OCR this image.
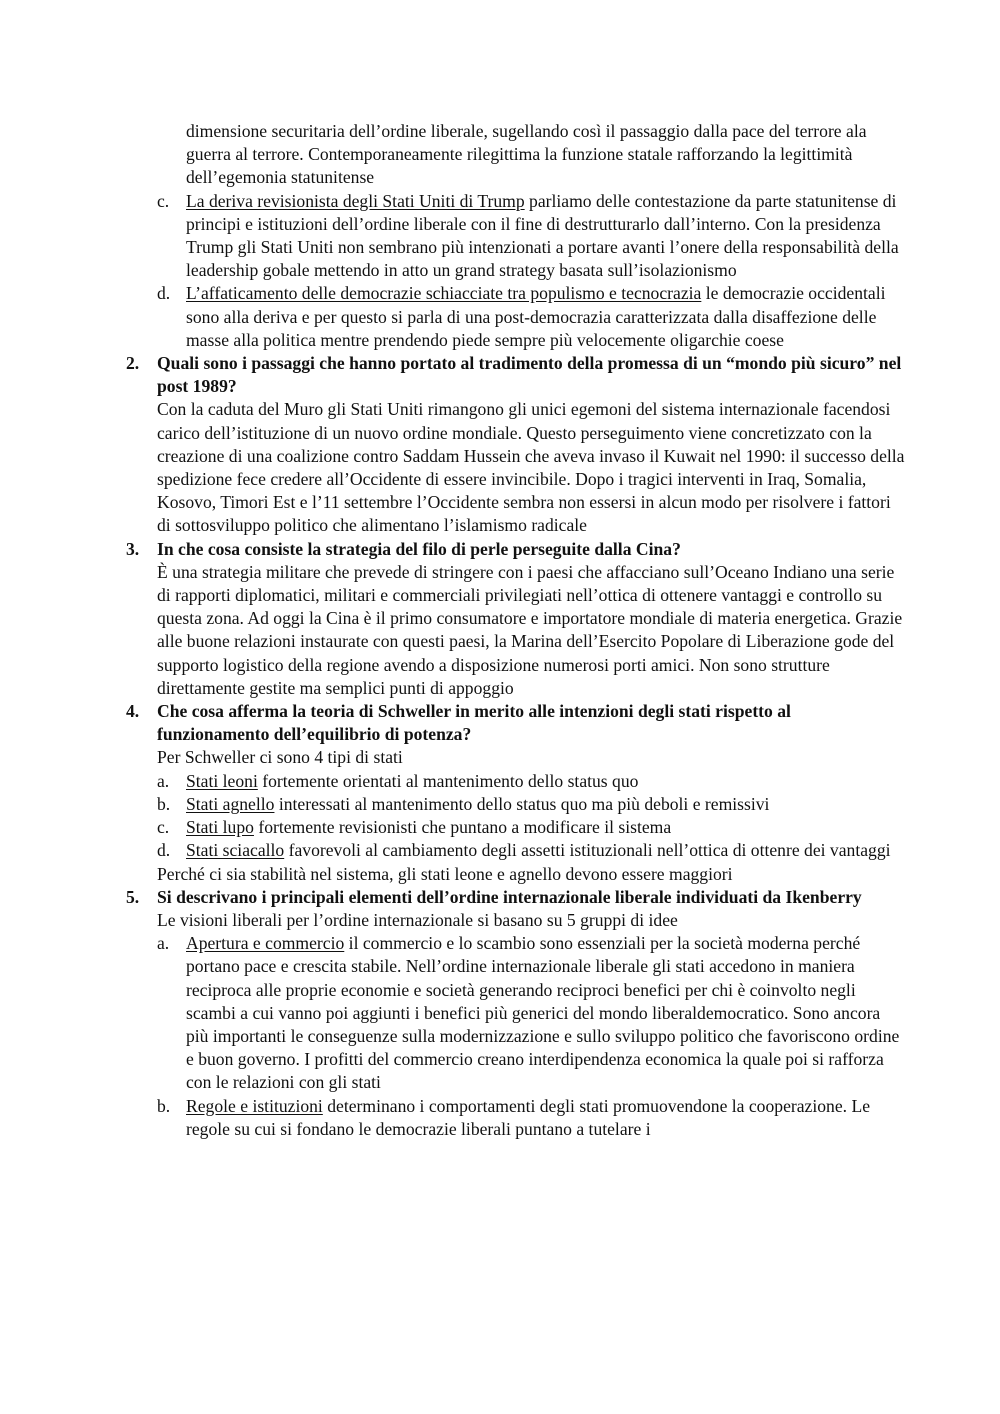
dimensione securitaria dell’ordine liberale, sugellando così il passaggio dalla pace del terrore ala guerra al terrore. Contemporaneamente rilegittima la funzione statale rafforzando la legittimità dell’egemonia statunitense

c. La deriva revisionista degli Stati Uniti di Trump parliamo delle contestazione da parte statunitense di principi e istituzioni dell’ordine liberale con il fine di destrutturarlo dall’interno. Con la presidenza Trump gli Stati Uniti non sembrano più intenzionati a portare avanti l’onere della responsabilità della leadership gobale mettendo in atto un grand strategy basata sull’isolazionismo
d. L’affaticamento delle democrazie schiacciate tra populismo e tecnocrazia le democrazie occidentali sono alla deriva e per questo si parla di una post-democrazia caratterizzata dalla disaffezione delle masse alla politica mentre prendendo piede sempre più velocemente oligarchie coese
2. Quali sono i passaggi che hanno portato al tradimento della promessa di un “mondo più sicuro” nel post 1989?

Con la caduta del Muro gli Stati Uniti rimangono gli unici egemoni del sistema internazionale facendosi carico dell’istituzione di un nuovo ordine mondiale. Questo perseguimento viene concretizzato con la creazione di una coalizione contro Saddam Hussein che aveva invaso il Kuwait nel 1990: il successo della spedizione fece credere all’Occidente di essere invincibile. Dopo i tragici interventi in Iraq, Somalia, Kosovo, Timori Est e l’11 settembre l’Occidente sembra non essersi in alcun modo per risolvere i fattori di sottosviluppo politico che alimentano l’islamismo radicale

3. In che cosa consiste la strategia del filo di perle perseguite dalla Cina?

È una strategia militare che prevede di stringere con i paesi che affacciano sull’Oceano Indiano una serie di rapporti diplomatici, militari e commerciali privilegiati nell’ottica di ottenere vantaggi e controllo su questa zona. Ad oggi la Cina è il primo consumatore e importatore mondiale di materia energetica. Grazie alle buone relazioni instaurate con questi paesi, la Marina dell’Esercito Popolare di Liberazione gode del supporto logistico della regione avendo a disposizione numerosi porti amici. Non sono strutture direttamente gestite ma semplici punti di appoggio

4. Che cosa afferma la teoria di Schweller in merito alle intenzioni degli stati rispetto al funzionamento dell’equilibrio di potenza?

Per Schweller ci sono 4 tipi di stati

a. Stati leoni fortemente orientati al mantenimento dello status quo
b. Stati agnello interessati al mantenimento dello status quo ma più deboli e remissivi
c. Stati lupo fortemente revisionisti che puntano a modificare il sistema
d. Stati sciacallo favorevoli al cambiamento degli assetti istituzionali nell’ottica di ottenre dei vantaggi

Perché ci sia stabilità nel sistema, gli stati leone e agnello devono essere maggiori

5. Si descrivano i principali elementi dell’ordine internazionale liberale individuati da Ikenberry

Le visioni liberali per l’ordine internazionale si basano su 5 gruppi di idee

a. Apertura e commercio il commercio e lo scambio sono essenziali per la società moderna perché portano pace e crescita stabile. Nell’ordine internazionale liberale gli stati accedono in maniera reciproca alle proprie economie e società generando reciproci benefici per chi è coinvolto negli scambi a cui vanno poi aggiunti i benefici più generici del mondo liberaldemocratico. Sono ancora più importanti le conseguenze sulla modernizzazione e sullo sviluppo politico che favoriscono ordine e buon governo. I profitti del commercio creano interdipendenza economica la quale poi si rafforza con le relazioni con gli stati
b. Regole e istituzioni determinano i comportamenti degli stati promuovendone la cooperazione. Le regole su cui si fondano le democrazie liberali puntano a tutelare i
